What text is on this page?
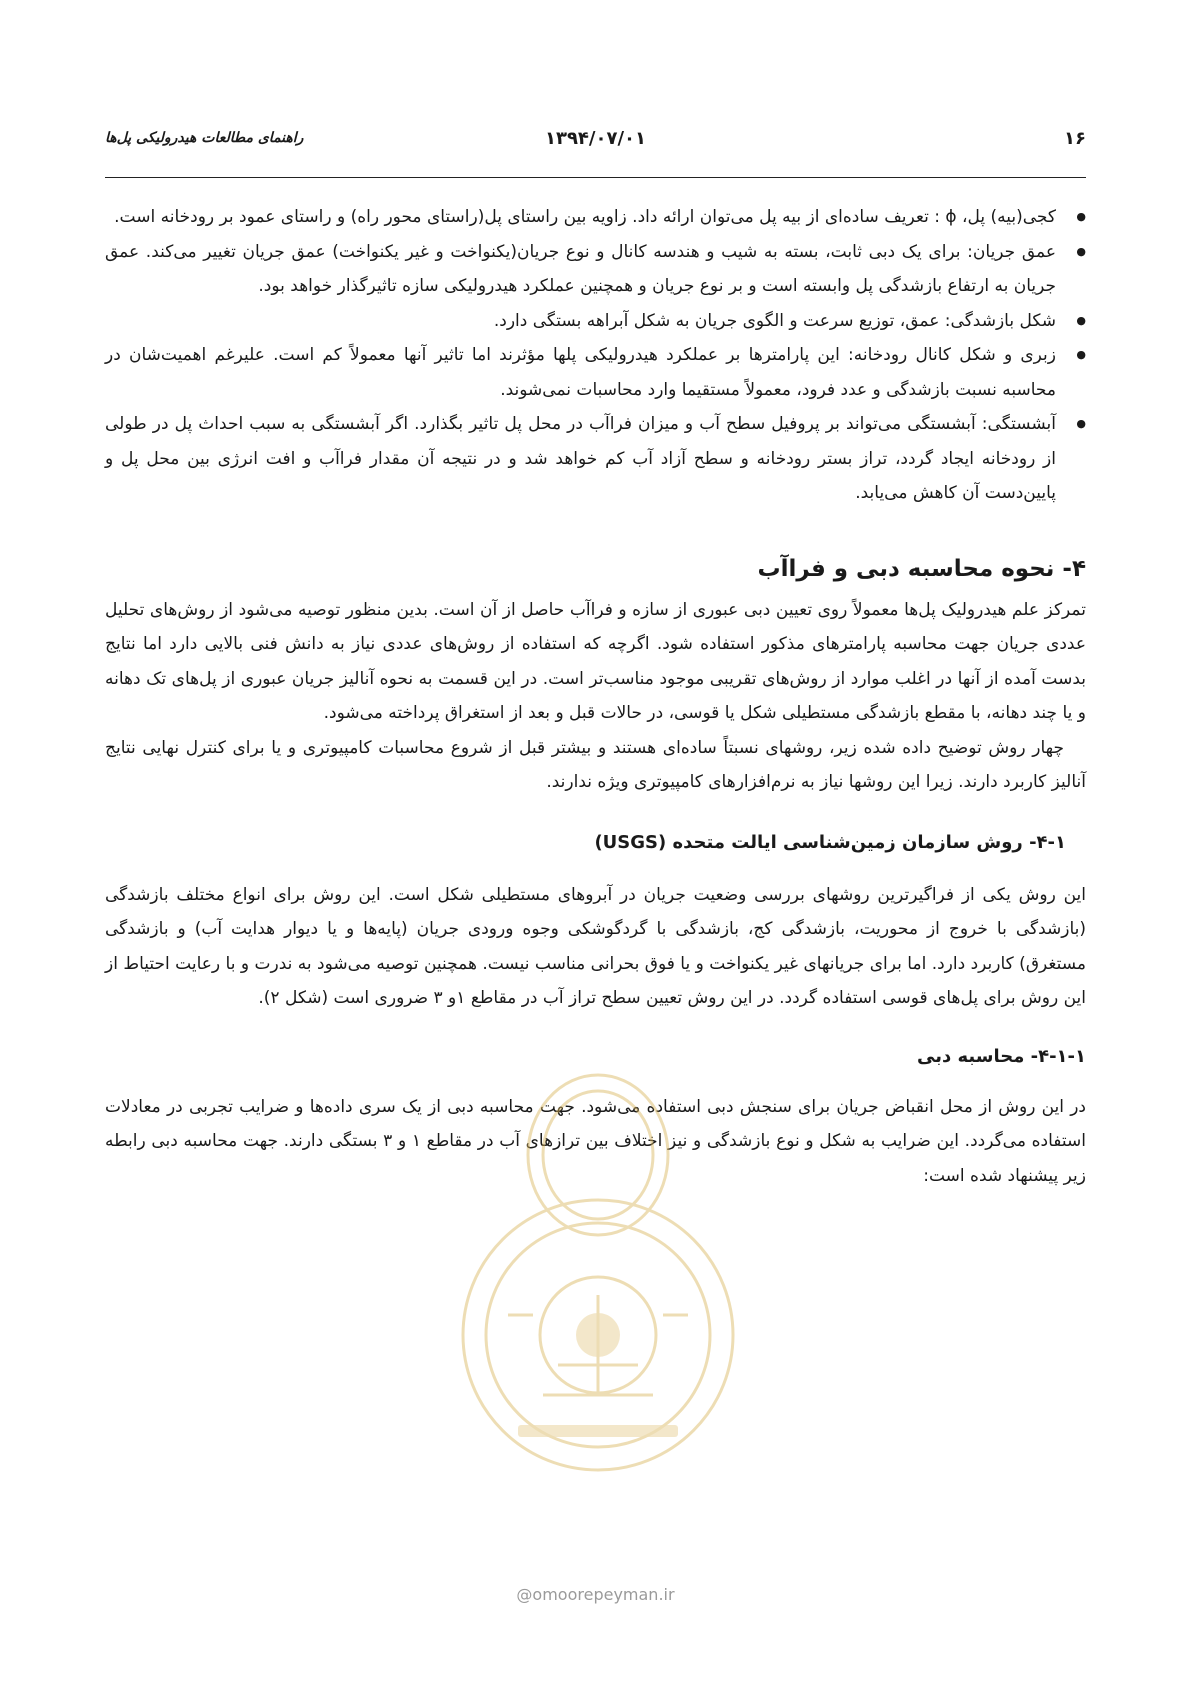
۱۶
۱۳۹۴/۰۷/۰۱
راهنمای مطالعات هیدرولیکی پل‌ها
● کجی(بیه) پل، ϕ : تعریف ساده‌ای از بیه پل می‌توان ارائه داد. زاویه بین راستای پل(راستای محور راه) و راستای عمود بر رودخانه است.
● عمق جریان: برای یک دبی ثابت، بسته به شیب و هندسه کانال و نوع جریان(یکنواخت و غیر یکنواخت) عمق جریان تغییر می‌کند. عمق جریان به ارتفاع بازشدگی پل وابسته است و بر نوع جریان و همچنین عملکرد هیدرولیکی سازه تاثیرگذار خواهد بود.
● شکل بازشدگی: عمق، توزیع سرعت و الگوی جریان به شکل آبراهه بستگی دارد.
● زبری و شکل کانال رودخانه: این پارامترها بر عملکرد هیدرولیکی پلها مؤثرند اما تاثیر آنها معمولاً کم است. علیرغم اهمیت‌شان در محاسبه نسبت بازشدگی و عدد فرود، معمولاً مستقیما وارد محاسبات نمی‌شوند.
● آبشستگی: آبشستگی می‌تواند بر پروفیل سطح آب و میزان فراآب در محل پل تاثیر بگذارد. اگر آبشستگی به سبب احداث پل در طولی از رودخانه ایجاد گردد، تراز بستر رودخانه و سطح آزاد آب کم خواهد شد و در نتیجه آن مقدار فراآب و افت انرژی بین محل پل و پایین‌دست آن کاهش می‌یابد.
۴- نحوه محاسبه دبی و فراآب

تمرکز علم هیدرولیک پل‌ها معمولاً روی تعیین دبی عبوری از سازه و فراآب حاصل از آن است. بدین منظور توصیه می‌شود از روش‌های تحلیل عددی جریان جهت محاسبه پارامترهای مذکور استفاده شود. اگرچه که استفاده از روش‌های عددی نیاز به دانش فنی بالایی دارد اما نتایج بدست آمده از آنها در اغلب موارد از روش‌های تقریبی موجود مناسب‌تر است. در این قسمت به نحوه آنالیز جریان عبوری از پل‌های تک دهانه و یا چند دهانه، با مقطع بازشدگی مستطیلی شکل یا قوسی، در حالات قبل و بعد از استغراق پرداخته می‌شود.

چهار روش توضیح داده شده زیر، روشهای نسبتاً ساده‌ای هستند و بیشتر قبل از شروع محاسبات کامپیوتری و یا برای کنترل نهایی نتایج آنالیز کاربرد دارند. زیرا این روشها نیاز به نرم‌افزارهای کامپیوتری ویژه ندارند.

۴-۱- روش سازمان زمین‌شناسی ایالت متحده (USGS)

این روش یکی از فراگیرترین روشهای بررسی وضعیت جریان در آبروهای مستطیلی شکل است. این روش برای انواع مختلف بازشدگی (بازشدگی با خروج از محوریت، بازشدگی کج، بازشدگی با گردگوشکی وجوه ورودی جریان (پایه‌ها و یا دیوار هدایت آب) و بازشدگی مستغرق) کاربرد دارد. اما برای جریانهای غیر یکنواخت و یا فوق بحرانی مناسب نیست. همچنین توصیه می‌شود به ندرت و با رعایت احتیاط از این روش برای پل‌های قوسی استفاده گردد. در این روش تعیین سطح تراز آب در مقاطع ۱و ۳ ضروری است (شکل ۲).

۴-۱-۱- محاسبه دبی

در این روش از محل انقباض جریان برای سنجش دبی استفاده می‌شود. جهت محاسبه دبی از یک سری داده‌ها و ضرایب تجربی در معادلات استفاده می‌گردد. این ضرایب به شکل و نوع بازشدگی و نیز اختلاف بین ترازهای آب در مقاطع ۱ و ۳ بستگی دارند. جهت محاسبه دبی رابطه زیر پیشنهاد شده است:

@omoorepeyman.ir
